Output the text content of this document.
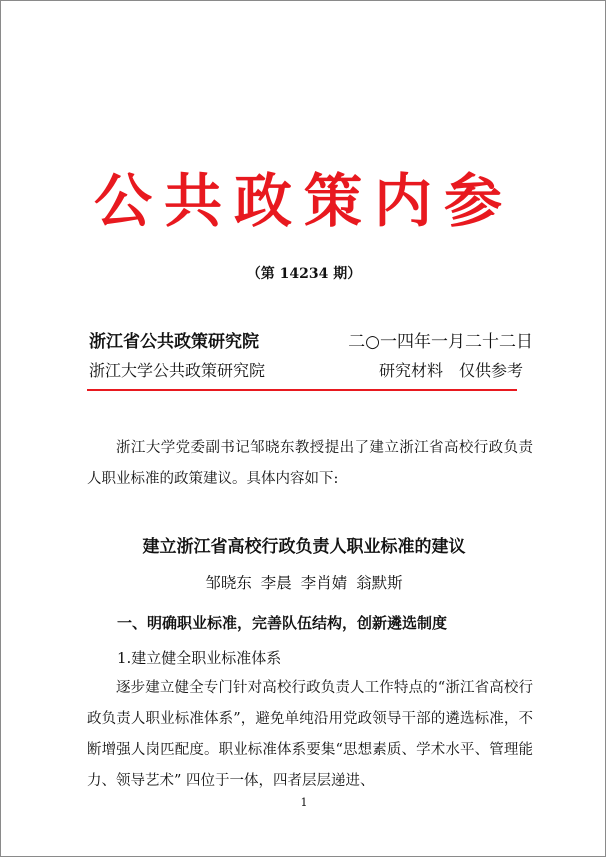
公共政策内参
（第 14234 期）
浙江省公共政策研究院	二○一四年一月二十二日
浙江大学公共政策研究院	研究材料　仅供参考
浙江大学党委副书记邹晓东教授提出了建立浙江省高校行政负责人职业标准的政策建议。具体内容如下:
建立浙江省高校行政负责人职业标准的建议
邹晓东 李晨 李肖婧 翁默斯
一、明确职业标准，完善队伍结构，创新遴选制度
1.建立健全职业标准体系
逐步建立健全专门针对高校行政负责人工作特点的“浙江省高校行政负责人职业标准体系”，避免单纯沿用党政领导干部的遴选标准，不断增强人岗匹配度。职业标准体系要集“思想素质、学术水平、管理能力、领导艺术” 四位于一体，四者层层递进、
1
